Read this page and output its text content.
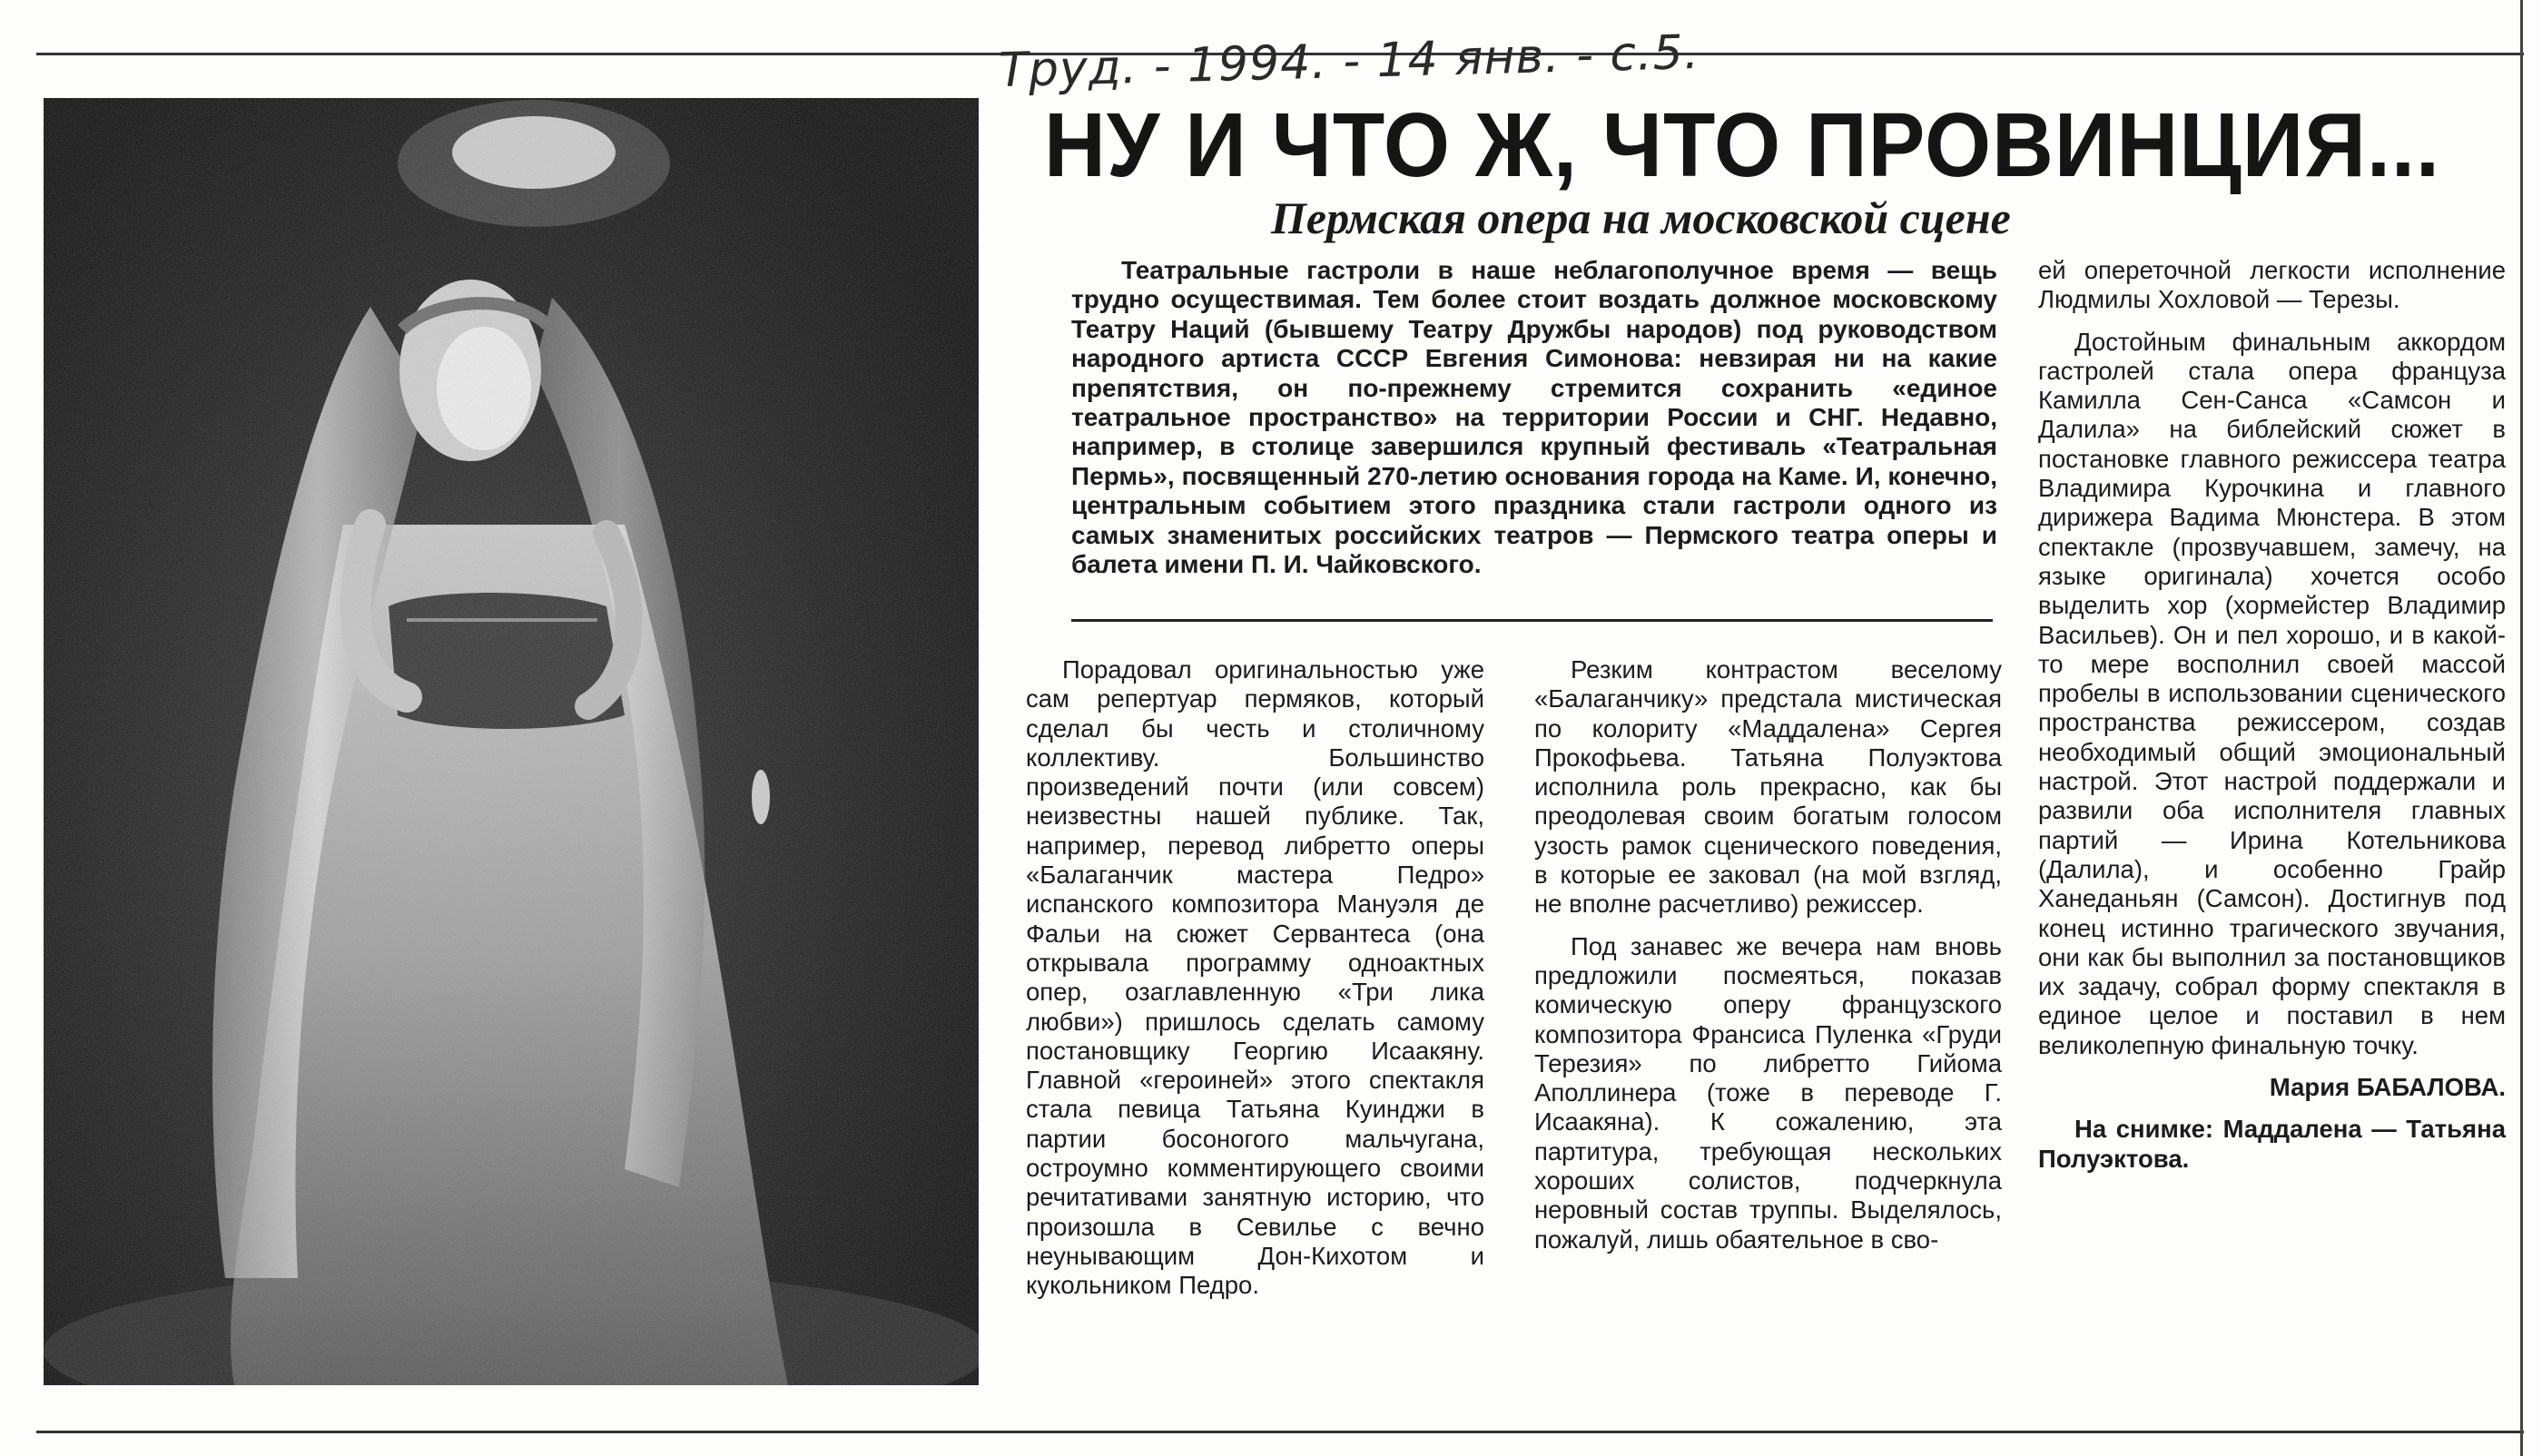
Труд. - 1994. - 14 янв. - с.5.
НУ И ЧТО Ж, ЧТО ПРОВИНЦИЯ...
Пермская опера на московской сцене
Театральные гастроли в наше неблагополучное время — вещь трудно осуществимая. Тем более стоит воздать должное московскому Театру Наций (бывшему Театру Дружбы народов) под руководством народного артиста СССР Евгения Симонова: невзирая ни на какие препятствия, он по-прежнему стремится сохранить «единое театральное пространство» на территории России и СНГ. Недавно, например, в столице завершился крупный фестиваль «Театральная Пермь», посвященный 270-летию основания города на Каме. И, конечно, центральным событием этого праздника стали гастроли одного из самых знаменитых российских театров — Пермского театра оперы и балета имени П. И. Чайковского.

Порадовал оригинальностью уже сам репертуар пермяков, который сделал бы честь и столичному коллективу. Большинство произведений почти (или совсем) неизвестны нашей публике. Так, например, перевод либретто оперы «Балаганчик мастера Педро» испанского композитора Мануэля де Фальи на сюжет Сервантеса (она открывала программу одноактных опер, озаглавленную «Три лика любви») пришлось сделать самому постановщику Георгию Исаакяну. Главной «героиней» этого спектакля стала певица Татьяна Куинджи в партии босоногого мальчугана, остроумно комментирующего своими речитативами занятную историю, что произошла в Севилье с вечно неунывающим Дон-Кихотом и кукольником Педро.

Резким контрастом веселому «Балаганчику» предстала мистическая по колориту «Маддалена» Сергея Прокофьева. Татьяна Полуэктова исполнила роль прекрасно, как бы преодолевая своим богатым голосом узость рамок сценического поведения, в которые ее заковал (на мой взгляд, не вполне расчетливо) режиссер.

Под занавес же вечера нам вновь предложили посмеяться, показав комическую оперу французского композитора Франсиса Пуленка «Груди Терезия» по либретто Гийома Аполлинера (тоже в переводе Г. Исаакяна). К сожалению, эта партитура, требующая нескольких хороших солистов, подчеркнула неровный состав труппы. Выделялось, пожалуй, лишь обаятельное в сво-

ей опереточной легкости исполнение Людмилы Хохловой — Терезы.

Достойным финальным аккордом гастролей стала опера француза Камилла Сен-Санса «Самсон и Далила» на библейский сюжет в постановке главного режиссера театра Владимира Курочкина и главного дирижера Вадима Мюнстера. В этом спектакле (прозвучавшем, замечу, на языке оригинала) хочется особо выделить хор (хормейстер Владимир Васильев). Он и пел хорошо, и в какой-то мере восполнил своей массой пробелы в использовании сценического пространства режиссером, создав необходимый общий эмоциональный настрой. Этот настрой поддержали и развили оба исполнителя главных партий — Ирина Котельникова (Далила), и особенно Грайр Ханеданьян (Самсон). Достигнув под конец истинно трагического звучания, они как бы выполнил за постановщиков их задачу, собрал форму спектакля в единое целое и поставил в нем великолепную финальную точку.

Мария БАБАЛОВА.

На снимке: Маддалена — Татьяна Полуэктова.
